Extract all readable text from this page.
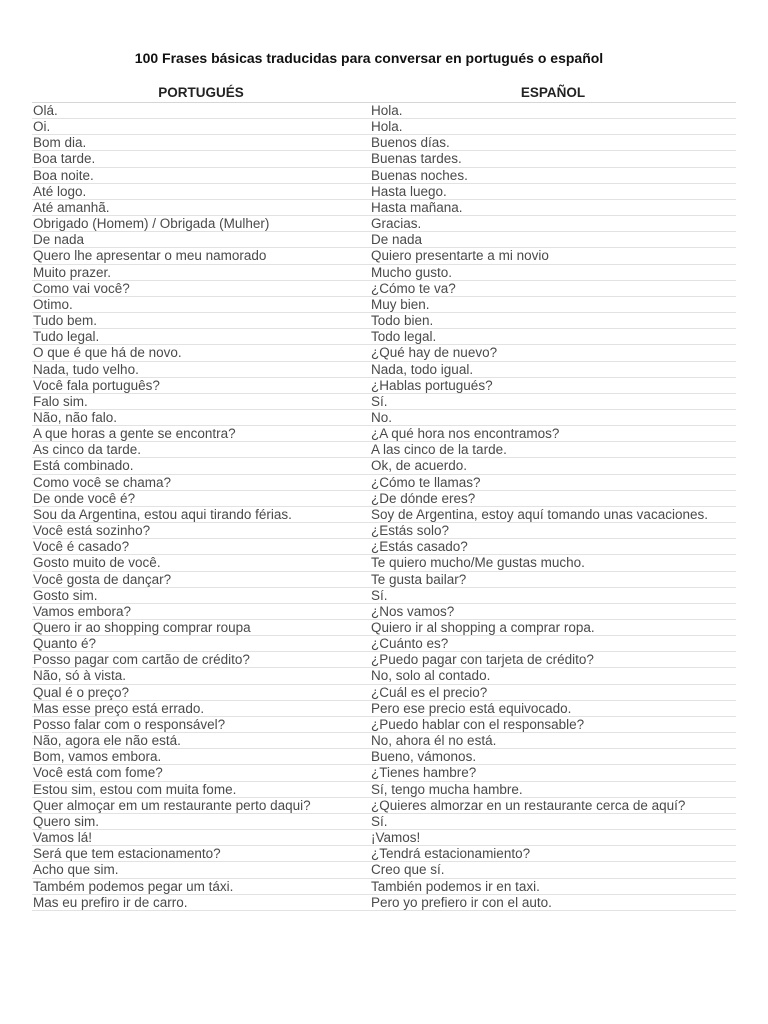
100 Frases básicas traducidas para conversar en portugués o español
PORTUGUÉS	ESPAÑOL
Olá.	Hola.
Oi.	Hola.
Bom dia.	Buenos días.
Boa tarde.	Buenas tardes.
Boa noite.	Buenas noches.
Até logo.	Hasta luego.
Até amanhã.	Hasta mañana.
Obrigado (Homem) / Obrigada (Mulher)	Gracias.
De nada	De nada
Quero lhe apresentar o meu namorado	Quiero presentarte a mi novio
Muito prazer.	Mucho gusto.
Como vai você?	¿Cómo te va?
Otimo.	Muy bien.
Tudo bem.	Todo bien.
Tudo legal.	Todo legal.
O que é que há de novo.	¿Qué hay de nuevo?
Nada, tudo velho.	Nada, todo igual.
Você fala português?	¿Hablas portugués?
Falo sim.	Sí.
Não, não falo.	No.
A que horas a gente se encontra?	¿A qué hora nos encontramos?
As cinco da tarde.	A las cinco de la tarde.
Está combinado.	Ok, de acuerdo.
Como você se chama?	¿Cómo te llamas?
De onde você é?	¿De dónde eres?
Sou da Argentina, estou aqui tirando férias.	Soy de Argentina, estoy aquí tomando unas vacaciones.
Você está sozinho?	¿Estás solo?
Você é casado?	¿Estás casado?
Gosto muito de você.	Te quiero mucho/Me gustas mucho.
Você gosta de dançar?	Te gusta bailar?
Gosto sim.	Sí.
Vamos embora?	¿Nos vamos?
Quero ir ao shopping comprar roupa	Quiero ir al shopping a comprar ropa.
Quanto é?	¿Cuánto es?
Posso pagar com cartão de crédito?	¿Puedo pagar con tarjeta de crédito?
Não, só à vista.	No, solo al contado.
Qual é o preço?	¿Cuál es el precio?
Mas esse preço está errado.	Pero ese precio está equivocado.
Posso falar com o responsável?	¿Puedo hablar con el responsable?
Não, agora ele não está.	No, ahora él no está.
Bom, vamos embora.	Bueno, vámonos.
Você está com fome?	¿Tienes hambre?
Estou sim, estou com muita fome.	Sí, tengo mucha hambre.
Quer almoçar em um restaurante perto daqui?	¿Quieres almorzar en un restaurante cerca de aquí?
Quero sim.	Sí.
Vamos lá!	¡Vamos!
Será que tem estacionamento?	¿Tendrá estacionamiento?
Acho que sim.	Creo que sí.
Também podemos pegar um táxi.	También podemos ir en taxi.
Mas eu prefiro ir de carro.	Pero yo prefiero ir con el auto.
